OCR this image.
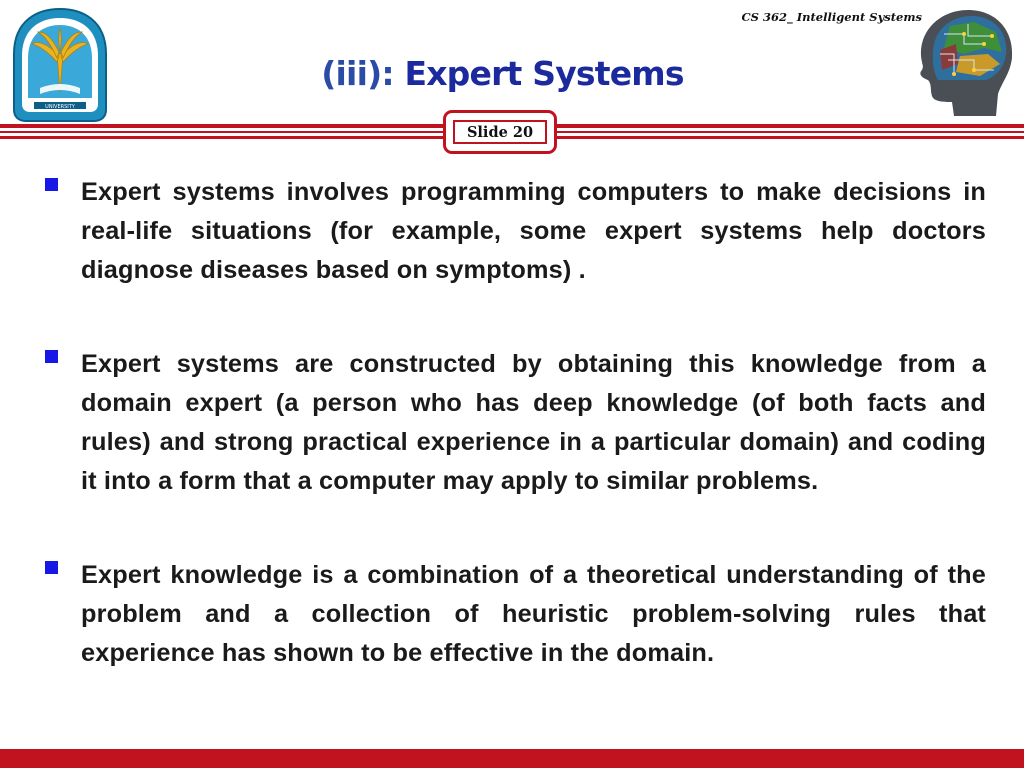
UNIVERSITY
CS 362_ Intelligent Systems
(iii): Expert Systems
Slide 20
Expert systems involves programming computers to make decisions in real-life situations (for example, some expert systems help doctors diagnose diseases based on symptoms) .
Expert systems are constructed by obtaining this knowledge from a domain expert (a person who has deep knowledge (of both facts and rules) and strong practical experience in a particular domain) and coding it into a form that a computer may apply to similar problems.
Expert knowledge is a combination of a theoretical understanding of the problem and a collection of heuristic problem-solving rules that experience has shown to be effective in the domain.
